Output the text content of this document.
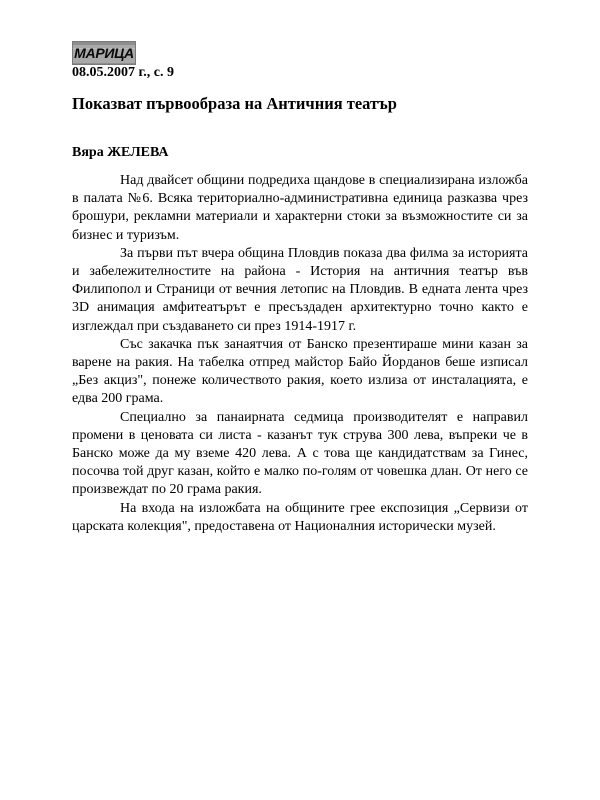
МАРИЦА
08.05.2007 г., с. 9
Показват първообраза на Античния театър
Вяра ЖЕЛЕВА

Над двайсет общини подредиха щандове в специализирана изложба в палата №6. Всяка териториално-административна единица разказва чрез брошури, рекламни материали и характерни стоки за възможностите си за бизнес и туризъм.

За първи път вчера община Пловдив показа два филма за историята и забележителностите на района - История на античния театър във Филипопол и Страници от вечния летопис на Пловдив. В едната лента чрез 3D анимация амфитеатърът е пресъздаден архитектурно точно както е изглеждал при създаването си през 1914-1917 г.

Със закачка пък занаятчия от Банско презентираше мини казан за варене на ракия. На табелка отпред майстор Байо Йорданов беше изписал „Без акциз", понеже количеството ракия, което излиза от инсталацията, е едва 200 грама.

Специално за панаирната седмица производителят е направил промени в ценовата си листа - казанът тук струва 300 лева, въпреки че в Банско може да му вземе 420 лева. А с това ще кандидатствам за Гинес, посочва той друг казан, който е малко по-голям от човешка длан. От него се произвеждат по 20 грама ракия.

На входа на изложбата на общините грее експозиция „Сервизи от царската колекция", предоставена от Националния исторически музей.
